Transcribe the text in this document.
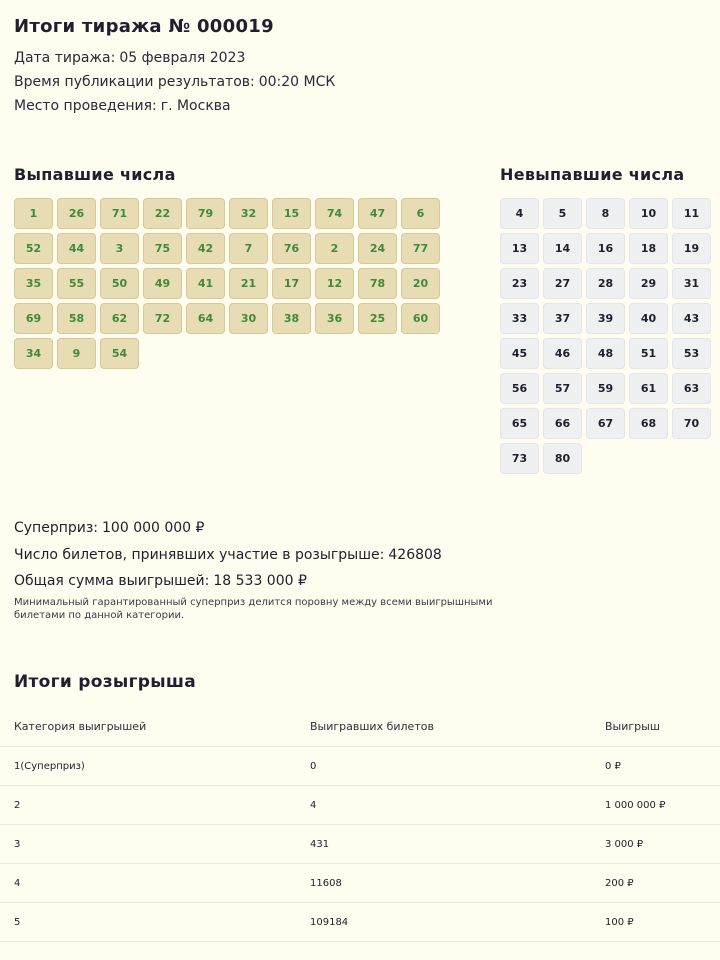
Итоги тиража № 000019
Дата тиража: 05 февраля 2023
Время публикации результатов: 00:20 МСК
Место проведения: г. Москва
Выпавшие числа	Невыпавшие числа
1	26	71	22	79	32	15	74	47	6
52	44	3	75	42	7	76	2	24	77
35	55	50	49	41	21	17	12	78	20
69	58	62	72	64	30	38	36	25	60
34	9	54
4	5	8	10	11
13	14	16	18	19
23	27	28	29	31
33	37	39	40	43
45	46	48	51	53
56	57	59	61	63
65	66	67	68	70
73	80
Суперприз: 100 000 000 ₽
Число билетов, принявших участие в розыгрыше: 426808
Общая сумма выигрышей: 18 533 000 ₽
Минимальный гарантированный суперприз делится поровну между всеми выигрышными билетами по данной категории.
Итоги розыгрыша
Категория выигрышей	Выигравших билетов	Выигрыш
1(Суперприз)	0	0 ₽
2	4	1 000 000 ₽
3	431	3 000 ₽
4	11608	200 ₽
5	109184	100 ₽
